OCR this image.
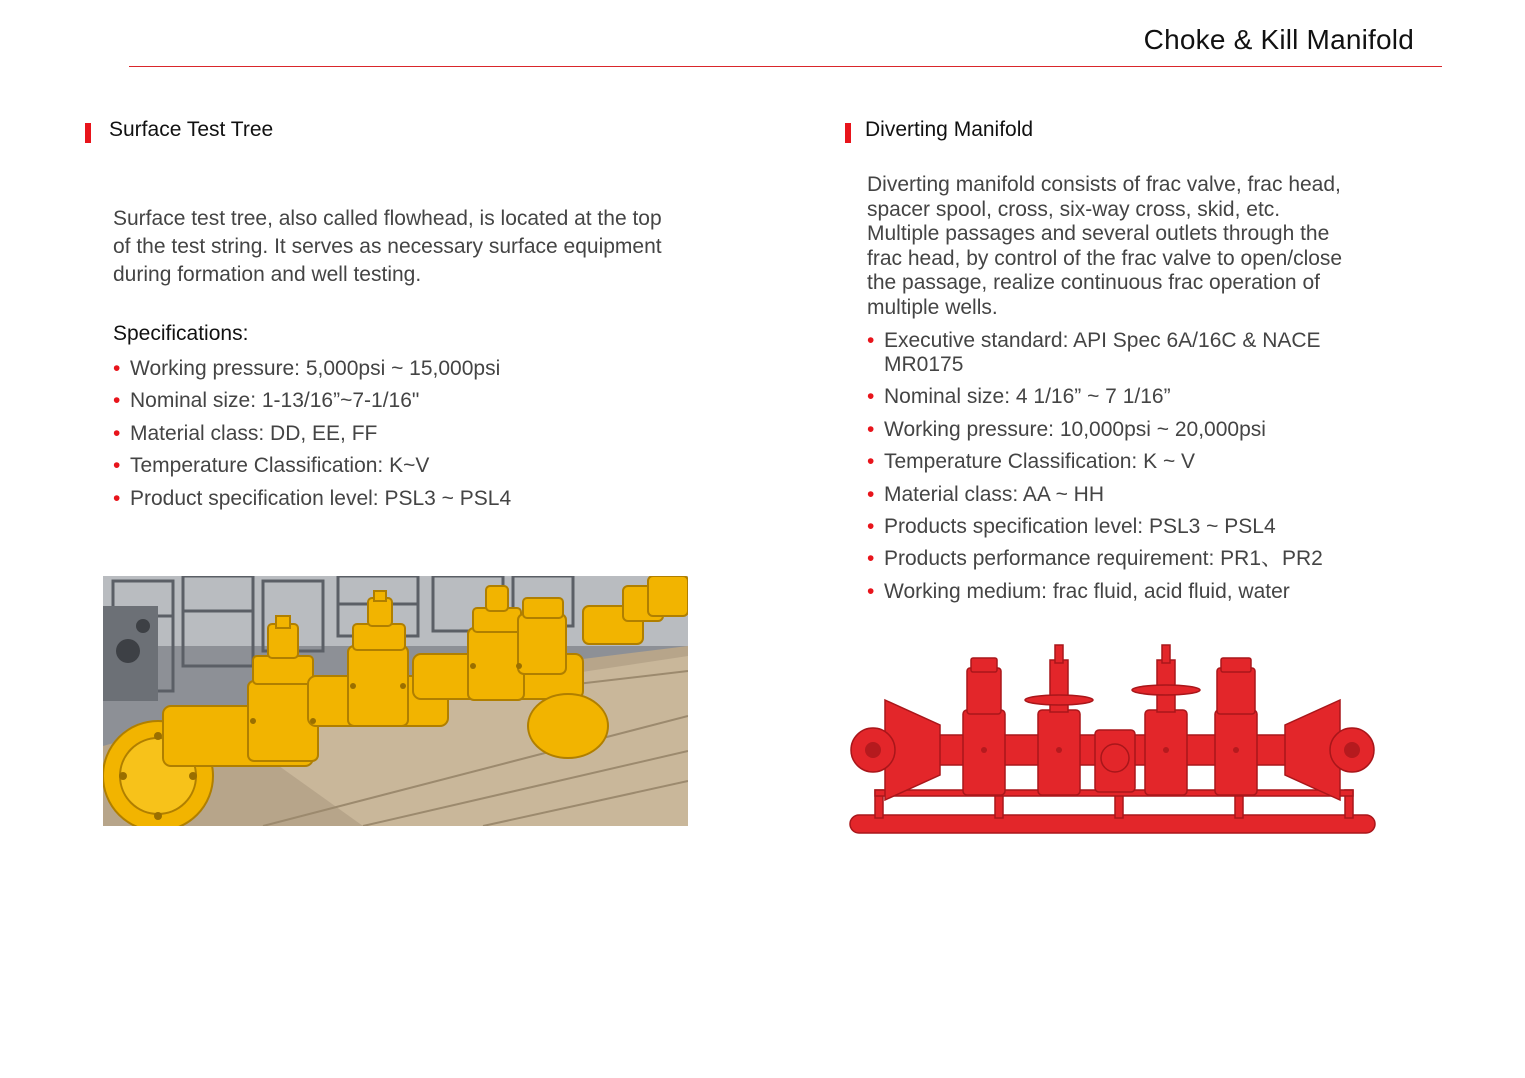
Choke & Kill Manifold
Surface Test Tree
Surface test tree, also called flowhead, is located at the top of the test string. It serves as necessary surface equipment during formation and well testing.
Specifications:
• Working pressure: 5,000psi ~ 15,000psi
• Nominal size: 1-13/16”~7-1/16"
• Material class: DD, EE, FF
• Temperature Classification: K~V
• Product specification level: PSL3 ~ PSL4
Diverting Manifold
Diverting manifold consists of frac valve, frac head, spacer spool, cross, six-way cross, skid, etc. Multiple passages and several outlets through the frac head, by control of the frac valve to open/close the passage, realize continuous frac operation of multiple wells.
• Executive standard: API Spec 6A/16C & NACE MR0175
• Nominal size: 4 1/16” ~ 7 1/16”
• Working pressure: 10,000psi ~ 20,000psi
• Temperature Classification: K ~ V
• Material class: AA ~ HH
• Products specification level: PSL3 ~ PSL4
• Products performance requirement: PR1、PR2
• Working medium: frac fluid, acid fluid, water
